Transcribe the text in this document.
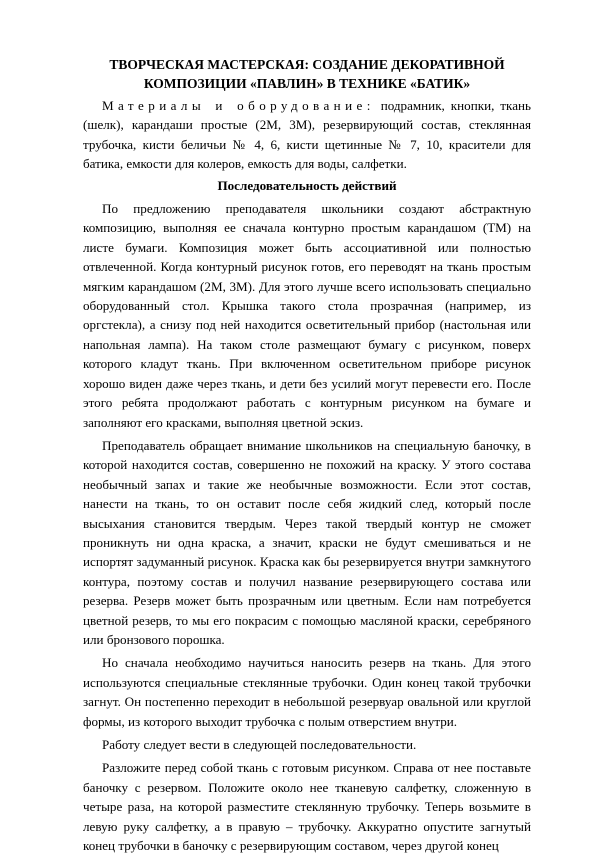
ТВОРЧЕСКАЯ МАСТЕРСКАЯ: СОЗДАНИЕ ДЕКОРАТИВНОЙ КОМПОЗИЦИИ «ПАВЛИН» В ТЕХНИКЕ «БАТИК»

Материалы и оборудование: подрамник, кнопки, ткань (шелк), карандаши простые (2М, 3М), резервирующий состав, стеклянная трубочка, кисти беличьи № 4, 6, кисти щетинные № 7, 10, красители для батика, емкости для колеров, емкость для воды, салфетки.

Последовательность действий

По предложению преподавателя школьники создают абстрактную композицию, выполняя ее сначала контурно простым карандашом (ТМ) на листе бумаги. Композиция может быть ассоциативной или полностью отвлеченной. Когда контурный рисунок готов, его переводят на ткань простым мягким карандашом (2М, 3М). Для этого лучше всего использовать специально оборудованный стол. Крышка такого стола прозрачная (например, из оргстекла), а снизу под ней находится осветительный прибор (настольная или напольная лампа). На таком столе размещают бумагу с рисунком, поверх которого кладут ткань. При включенном осветительном приборе рисунок хорошо виден даже через ткань, и дети без усилий могут перевести его. После этого ребята продолжают работать с контурным рисунком на бумаге и заполняют его красками, выполняя цветной эскиз.

Преподаватель обращает внимание школьников на специальную баночку, в которой находится состав, совершенно не похожий на краску. У этого состава необычный запах и такие же необычные возможности. Если этот состав, нанести на ткань, то он оставит после себя жидкий след, который после высыхания становится твердым. Через такой твердый контур не сможет проникнуть ни одна краска, а значит, краски не будут смешиваться и не испортят задуманный рисунок. Краска как бы резервируется внутри замкнутого контура, поэтому состав и получил название резервирующего состава или резерва. Резерв может быть прозрачным или цветным. Если нам потребуется цветной резерв, то мы его покрасим с помощью масляной краски, серебряного или бронзового порошка.

Но сначала необходимо научиться наносить резерв на ткань. Для этого используются специальные стеклянные трубочки. Один конец такой трубочки загнут. Он постепенно переходит в небольшой резервуар овальной или круглой формы, из которого выходит трубочка с полым отверстием внутри.

Работу следует вести в следующей последовательности.

Разложите перед собой ткань с готовым рисунком. Справа от нее поставьте баночку с резервом. Положите около нее тканевую салфетку, сложенную в четыре раза, на которой разместите стеклянную трубочку. Теперь возьмите в левую руку салфетку, а в правую – трубочку. Аккуратно опустите загнутый конец трубочки в баночку с резервирующим составом, через другой конец
